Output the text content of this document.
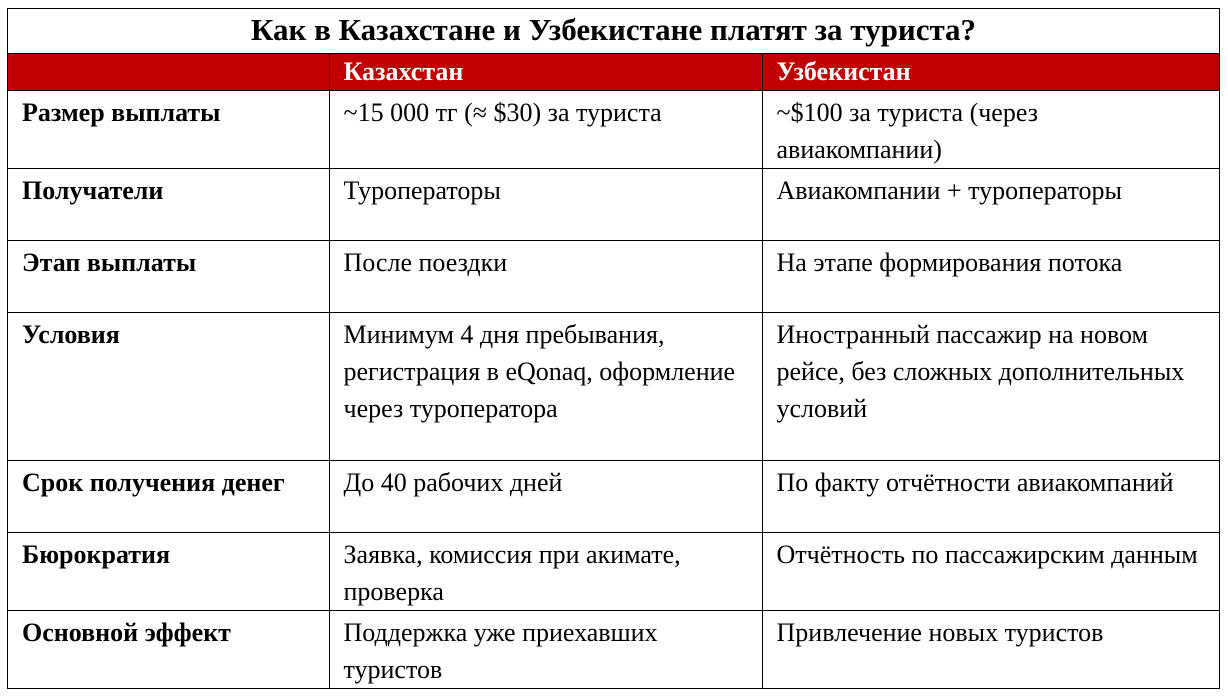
Как в Казахстане и Узбекистане платят за туриста?
	Казахстан	Узбекистан
Размер выплаты	~15 000 тг (≈ $30) за туриста	~$100 за туриста (через авиакомпании)
Получатели	Туроператоры	Авиакомпании + туроператоры
Этап выплаты	После поездки	На этапе формирования потока
Условия	Минимум 4 дня пребывания, регистрация в eQonaq, оформление через туроператора	Иностранный пассажир на новом рейсе, без сложных дополнительных условий
Срок получения денег	До 40 рабочих дней	По факту отчётности авиакомпаний
Бюрократия	Заявка, комиссия при акимате, проверка	Отчётность по пассажирским данным
Основной эффект	Поддержка уже приехавших туристов	Привлечение новых туристов
